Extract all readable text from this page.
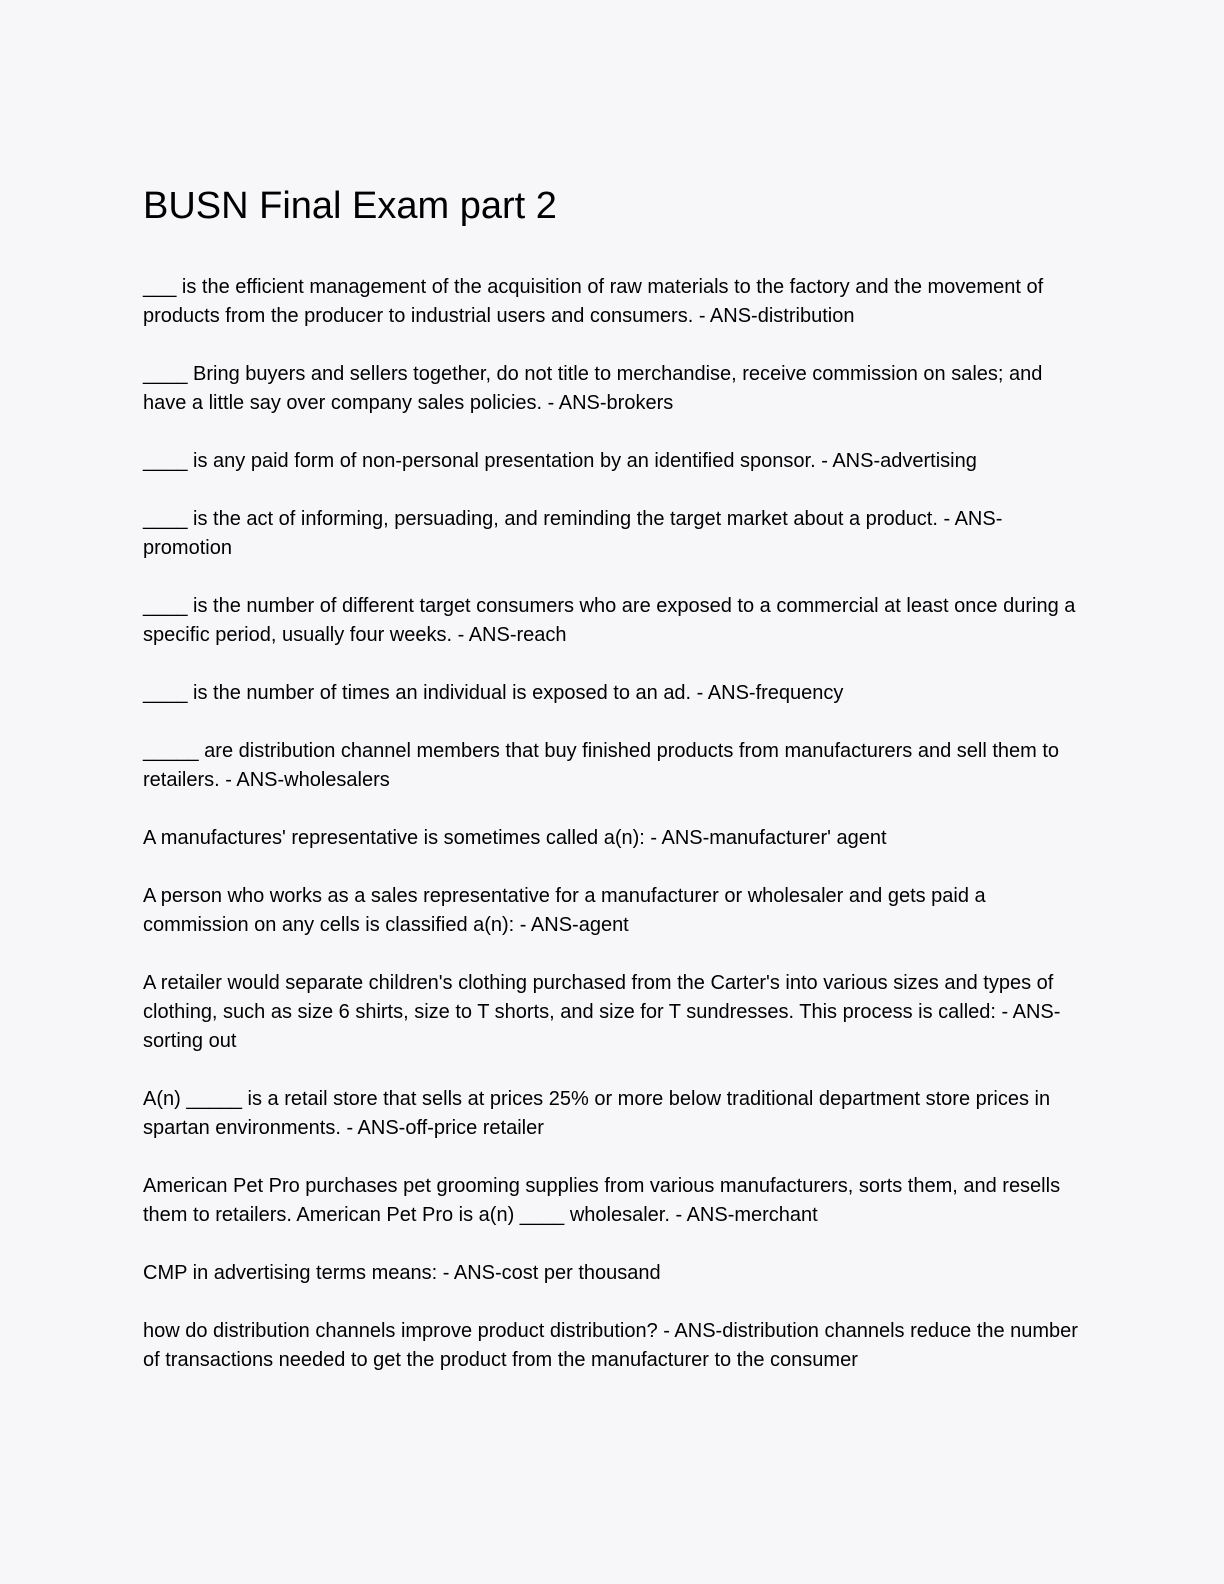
BUSN Final Exam part 2

___ is the efficient management of the acquisition of raw materials to the factory and the movement of products from the producer to industrial users and consumers. - ANS-distribution

____ Bring buyers and sellers together, do not title to merchandise, receive commission on sales; and have a little say over company sales policies. - ANS-brokers

____ is any paid form of non-personal presentation by an identified sponsor. - ANS-advertising

____ is the act of informing, persuading, and reminding the target market about a product. - ANS-promotion

____ is the number of different target consumers who are exposed to a commercial at least once during a specific period, usually four weeks. - ANS-reach

____ is the number of times an individual is exposed to an ad. - ANS-frequency

_____ are distribution channel members that buy finished products from manufacturers and sell them to retailers. - ANS-wholesalers

A manufactures' representative is sometimes called a(n): - ANS-manufacturer' agent

A person who works as a sales representative for a manufacturer or wholesaler and gets paid a commission on any cells is classified a(n): - ANS-agent

A retailer would separate children's clothing purchased from the Carter's into various sizes and types of clothing, such as size 6 shirts, size to T shorts, and size for T sundresses. This process is called: - ANS-sorting out

A(n) _____ is a retail store that sells at prices 25% or more below traditional department store prices in spartan environments. - ANS-off-price retailer

American Pet Pro purchases pet grooming supplies from various manufacturers, sorts them, and resells them to retailers. American Pet Pro is a(n) ____ wholesaler. - ANS-merchant

CMP in advertising terms means: - ANS-cost per thousand

how do distribution channels improve product distribution? - ANS-distribution channels reduce the number of transactions needed to get the product from the manufacturer to the consumer
